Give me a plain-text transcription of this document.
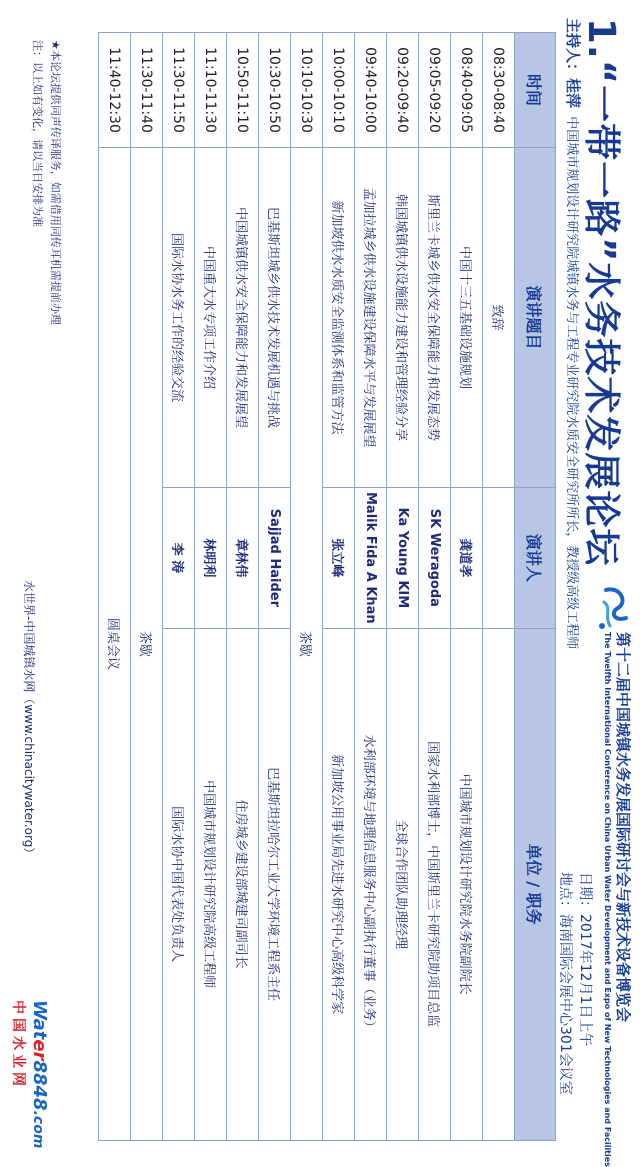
1.“一带一路”水务技术发展论坛
主持人：桂萍  中国城市规划设计研究院城镇水务与工程专业研究院水质安全研究所所长，教授级高级工程师
第十二届中国城镇水务发展国际研讨会与新技术设备博览会
The Twelfth International Conference on China Urban Water Development and Expo of New Technologies and Facilities
日期：2017年12月1日上午
地点：海南国际会展中心301会议室
时间	演讲题目	演讲人	单位 / 职务
08:30-08:40	致辞		
08:40-09:05	中国十三五基础设施规划	龚道孝	中国城市规划设计研究院水务院副院长
09:05-09:20	斯里兰卡城乡供水安全保障能力和发展态势	SK Weragoda	国家水利部博士，中国斯里兰卡研究院助项目总监
09:20-09:40	韩国城镇供水设施能力建设和管理经验分享	Ka Young KIM	全球合作团队助理经理
09:40-10:00	孟加拉城乡供水设施建设保障水平与发展展望	Malik Fida A Khan	水利部环境与地理信息服务中心副执行董事（业务）
10:00-10:10	新加坡供水水质安全监测体系和监管方法	张立峰	新加坡公用事业局先进水研究中心高级科学家
10:10-10:30	茶歇		
10:30-10:50	巴基斯坦城乡供水技术发展机遇与挑战	Sajjad Haider	巴基斯坦拉哈尔工业大学环境工程系主任
10:50-11:10	中国城镇供水安全保障能力和发展展望	章林伟	住房城乡建设部城建司副司长
11:10-11:30	中国重大水专项工作介绍	林明利	中国城市规划设计研究院高级工程师
11:30-11:50	国际水协水务工作的经验交流	李 涛	国际水协中国代表处负责人
11:30-11:40	茶歇		
11:40-12:30	圆桌会议		
★本论坛提供同声传译服务，如需借用同传耳机需提前办理
注：以上如有变化，请以当日安排为准
水世界-中国城镇水网（www.chinacitywater.org）
Water8848.com
中国水业网
